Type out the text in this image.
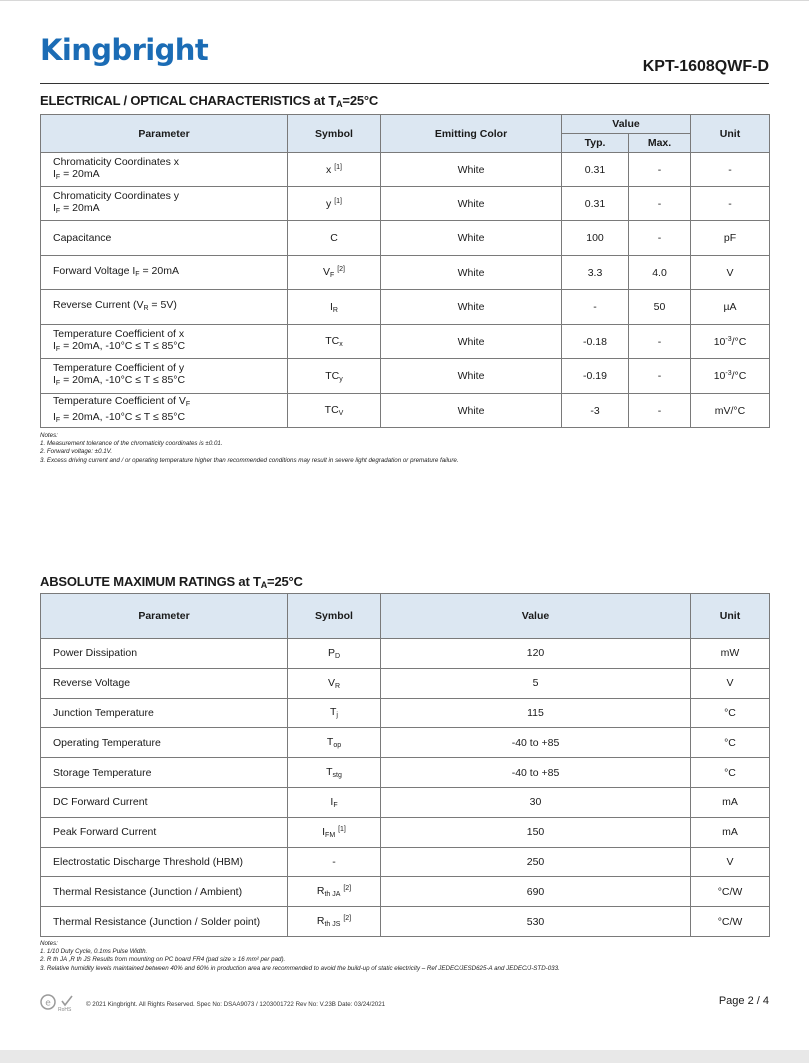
Kingbright	KPT-1608QWF-D
ELECTRICAL / OPTICAL CHARACTERISTICS at $T_A=25^\circ C$
Parameter	Symbol	Emitting Color	Value		Unit
			Typ.	Max.	

Chromaticity Coordinates x
$I_F = 20mA$	x [1]	White	0.31	-	-

Chromaticity Coordinates y
$I_F = 20mA$	y [1]	White	0.31	-	-

Capacitance	C	White	100	-	pF

Forward Voltage $I_F = 20mA$	$V_F$ [2]	White	3.3	4.0	V

Reverse Current $(V_R = 5V)$	$I_R$	White	-	50	µA

Temperature Coefficient of x
$I_F = 20mA$, -10°C ≤ T ≤ 85°C	$TC_x$	White	-0.18	-	$10^{-3}/^\circ C$

Temperature Coefficient of y
$I_F = 20mA$, -10°C ≤ T ≤ 85°C	$TC_y$	White	-0.19	-	$10^{-3}/^\circ C$

Temperature Coefficient of $V_F$
$I_F = 20mA$, -10°C ≤ T ≤ 85°C	$TC_V$	White	-3	-	mV/°C
Notes:
1. Measurement tolerance of the chromaticity coordinates is ±0.01.
2. Forward voltage: ±0.1V.
3. Excess driving current and / or operating temperature higher than recommended conditions may result in severe light degradation or premature failure.
ABSOLUTE MAXIMUM RATINGS at $T_A=25^\circ C$
Parameter	Symbol	Value	Unit
Power Dissipation	$P_D$	120	mW
Reverse Voltage	$V_R$	5	V
Junction Temperature	$T_j$	115	°C
Operating Temperature	$T_{op}$	-40 to +85	°C
Storage Temperature	$T_{stg}$	-40 to +85	°C
DC Forward Current	$I_F$	30	mA
Peak Forward Current	$I_{FM}$ [1]	150	mA
Electrostatic Discharge Threshold (HBM)	-	250	V
Thermal Resistance (Junction / Ambient)	$R_{th JA}$ [2]	690	°C/W
Thermal Resistance (Junction / Solder point)	$R_{th JS}$ [2]	530	°C/W
Notes:
1. 1/10 Duty Cycle, 0.1ms Pulse Width.
2. R th JA ,R th JS Results from mounting on PC board FR4 (pad size ≥ 16 mm² per pad).
3. Relative humidity levels maintained between 40% and 60% in production area are recommended to avoid the build-up of static electricity – Ref JEDEC/JESD625-A and JEDEC/J-STD-033.
e
RoHS
© 2021 Kingbright. All Rights Reserved. Spec No: DSAA9073 / 1203001722 Rev No: V.23B Date: 03/24/2021	Page 2 / 4
